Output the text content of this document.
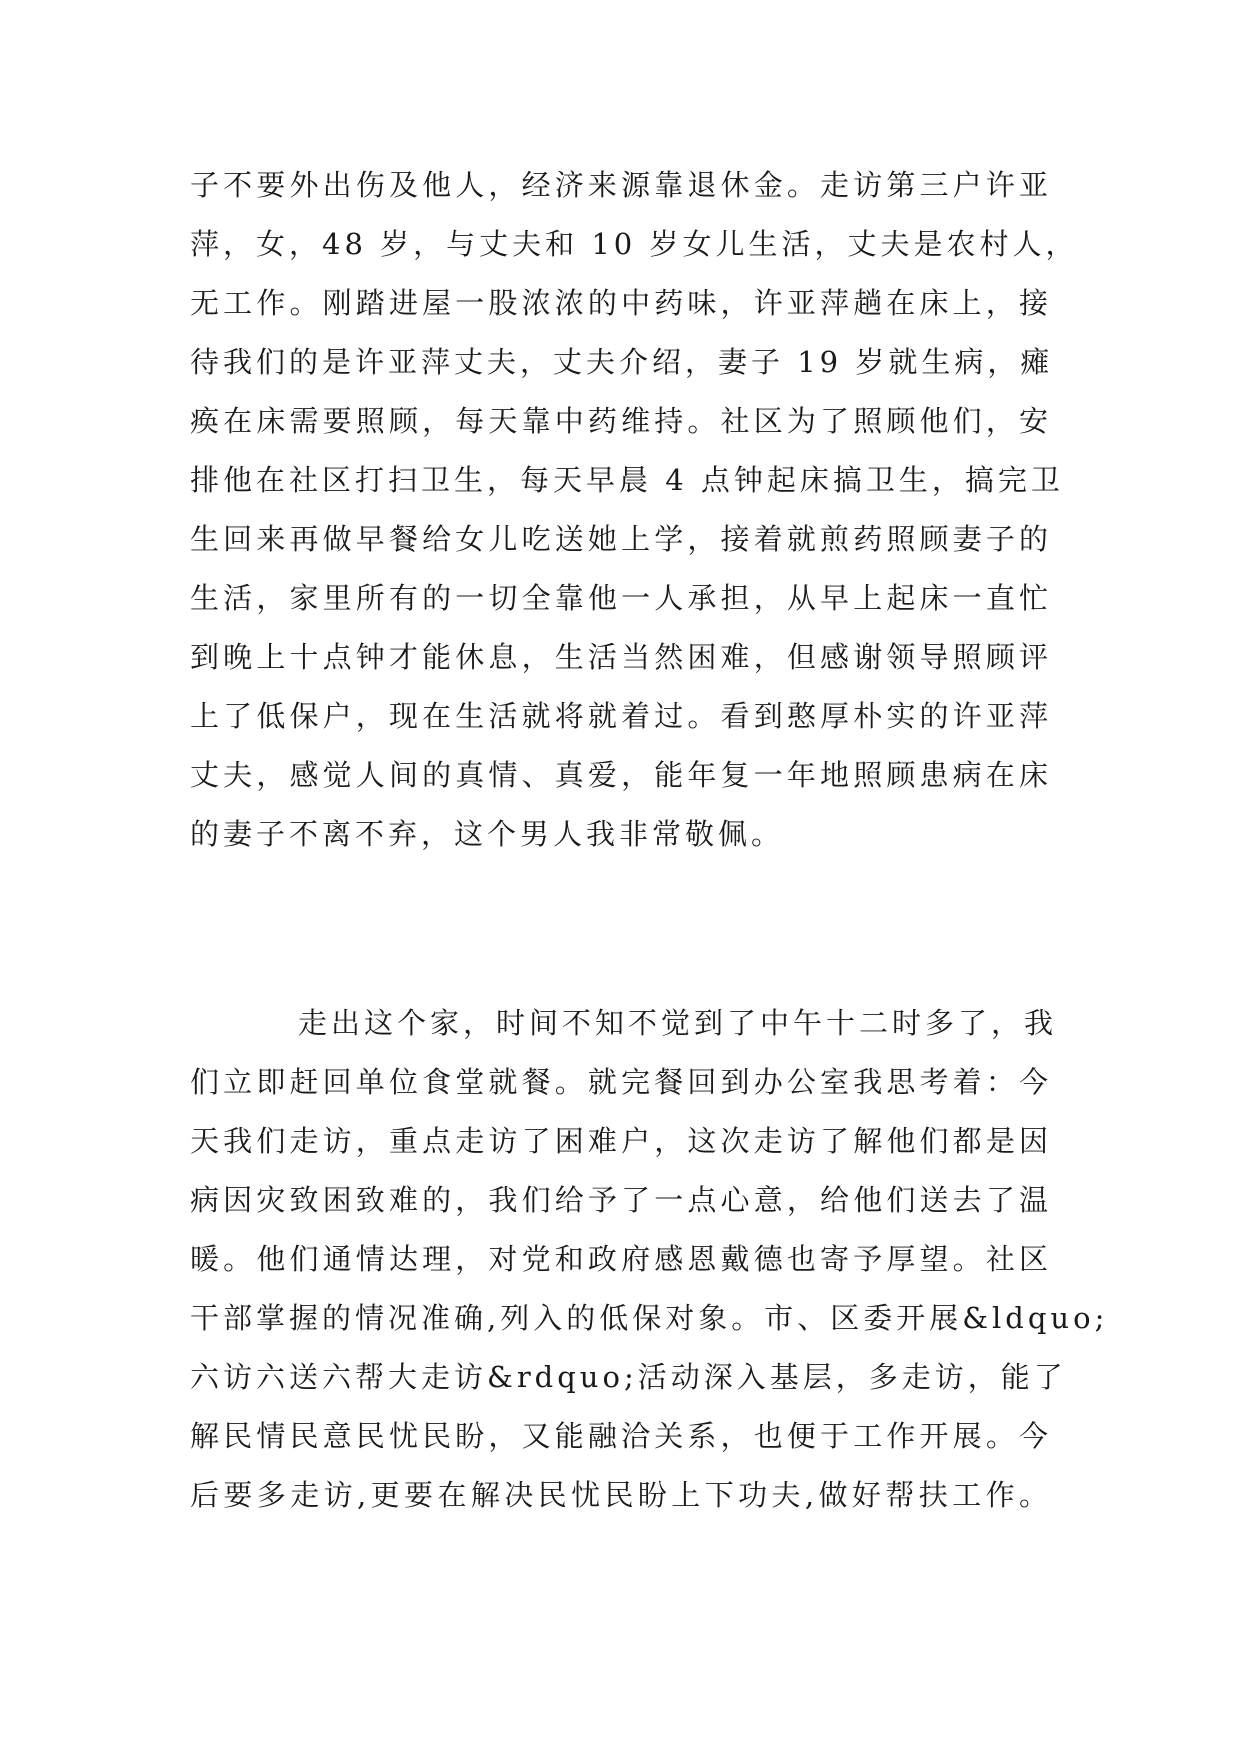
子不要外出伤及他人，经济来源靠退休金。走访第三户许亚
萍，女，48 岁，与丈夫和 10 岁女儿生活，丈夫是农村人，
无工作。刚踏进屋一股浓浓的中药味，许亚萍趟在床上，接
待我们的是许亚萍丈夫，丈夫介绍，妻子 19 岁就生病，瘫
痪在床需要照顾，每天靠中药维持。社区为了照顾他们，安
排他在社区打扫卫生，每天早晨 4 点钟起床搞卫生，搞完卫
生回来再做早餐给女儿吃送她上学，接着就煎药照顾妻子的
生活，家里所有的一切全靠他一人承担，从早上起床一直忙
到晚上十点钟才能休息，生活当然困难，但感谢领导照顾评
上了低保户，现在生活就将就着过。看到憨厚朴实的许亚萍
丈夫，感觉人间的真情、真爱，能年复一年地照顾患病在床
的妻子不离不弃，这个男人我非常敬佩。
走出这个家，时间不知不觉到了中午十二时多了，我
们立即赶回单位食堂就餐。就完餐回到办公室我思考着：今
天我们走访，重点走访了困难户，这次走访了解他们都是因
病因灾致困致难的，我们给予了一点心意，给他们送去了温
暖。他们通情达理，对党和政府感恩戴德也寄予厚望。社区
干部掌握的情况准确,列入的低保对象。市、区委开展&ldquo;
六访六送六帮大走访&rdquo;活动深入基层，多走访，能了
解民情民意民忧民盼，又能融洽关系，也便于工作开展。今
后要多走访,更要在解决民忧民盼上下功夫,做好帮扶工作。
